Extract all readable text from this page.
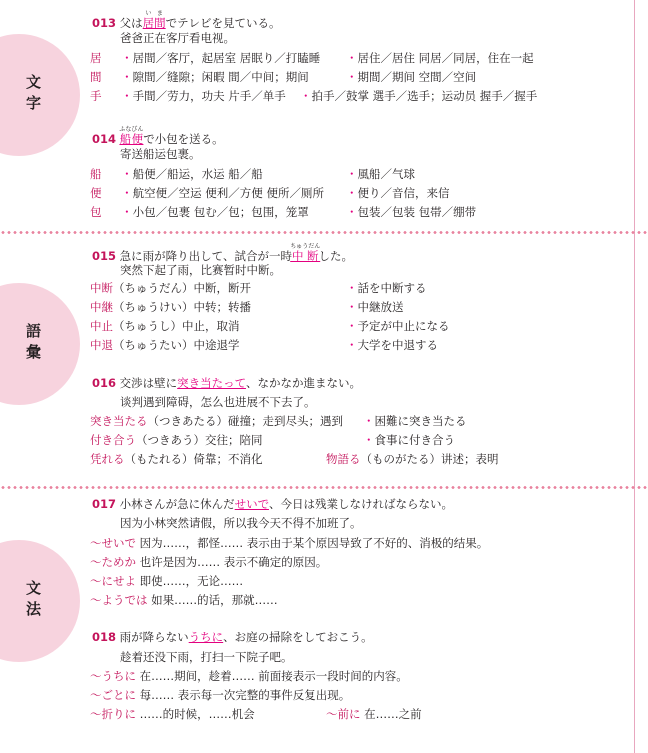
文字
013 父は居間いまでテレビを見ている。
爸爸正在客厅看电视。
居 ・居間／客厅，起居室 居眠り／打瞌睡 ・居住／居住 同居／同居，住在一起
間 ・隙間／缝隙；闲暇 間／中间；期间	・期間／期间 空間／空间
手 ・手間／劳力，功夫 片手／单手 ・拍手／鼓掌 選手／选手；运动员 握手／握手
014 船便ふなびんで小包を送る。
寄送船运包裹。
船 ・船便／船运，水运 船／船	・風船／气球
便 ・航空便／空运 便利／方便 便所／厕所 ・便り／音信，来信
包 ・小包／包裹 包む／包；包围，笼罩	・包装／包装 包帯／绷带
語彙
015 急に雨が降り出して、試合が一時中断ちゅうだんした。
突然下起了雨，比赛暂时中断。
中断（ちゅうだん）中断，断开	・話を中断する
中継（ちゅうけい）中转；转播	・中継放送
中止（ちゅうし）中止，取消	・予定が中止になる
中退（ちゅうたい）中途退学	・大学を中退する
016 交渉は壁に突き当たって、なかなか進まない。
谈判遇到障碍，怎么也进展不下去了。
突き当たる（つきあたる）碰撞；走到尽头；遇到 ・困難に突き当たる
付き合う（つきあう）交往；陪同	・食事に付き合う
凭れる（もたれる）倚靠；不消化	物語る（ものがたる）讲述；表明
文法
017 小林さんが急に休んだせいで、今日は残業しなければならない。
因为小林突然请假，所以我今天不得不加班了。
～せいで 因为……，都怪…… 表示由于某个原因导致了不好的、消极的结果。
～ためか 也许是因为…… 表示不确定的原因。
～にせよ 即使……，无论……
～ようでは 如果……的话，那就……
018 雨が降らないうちに、お庭の掃除をしておこう。
趁着还没下雨，打扫一下院子吧。
～うちに 在……期间，趁着…… 前面接表示一段时间的内容。
～ごとに 每…… 表示每一次完整的事件反复出现。
～折りに ……的时候，……机会	～前に 在……之前
